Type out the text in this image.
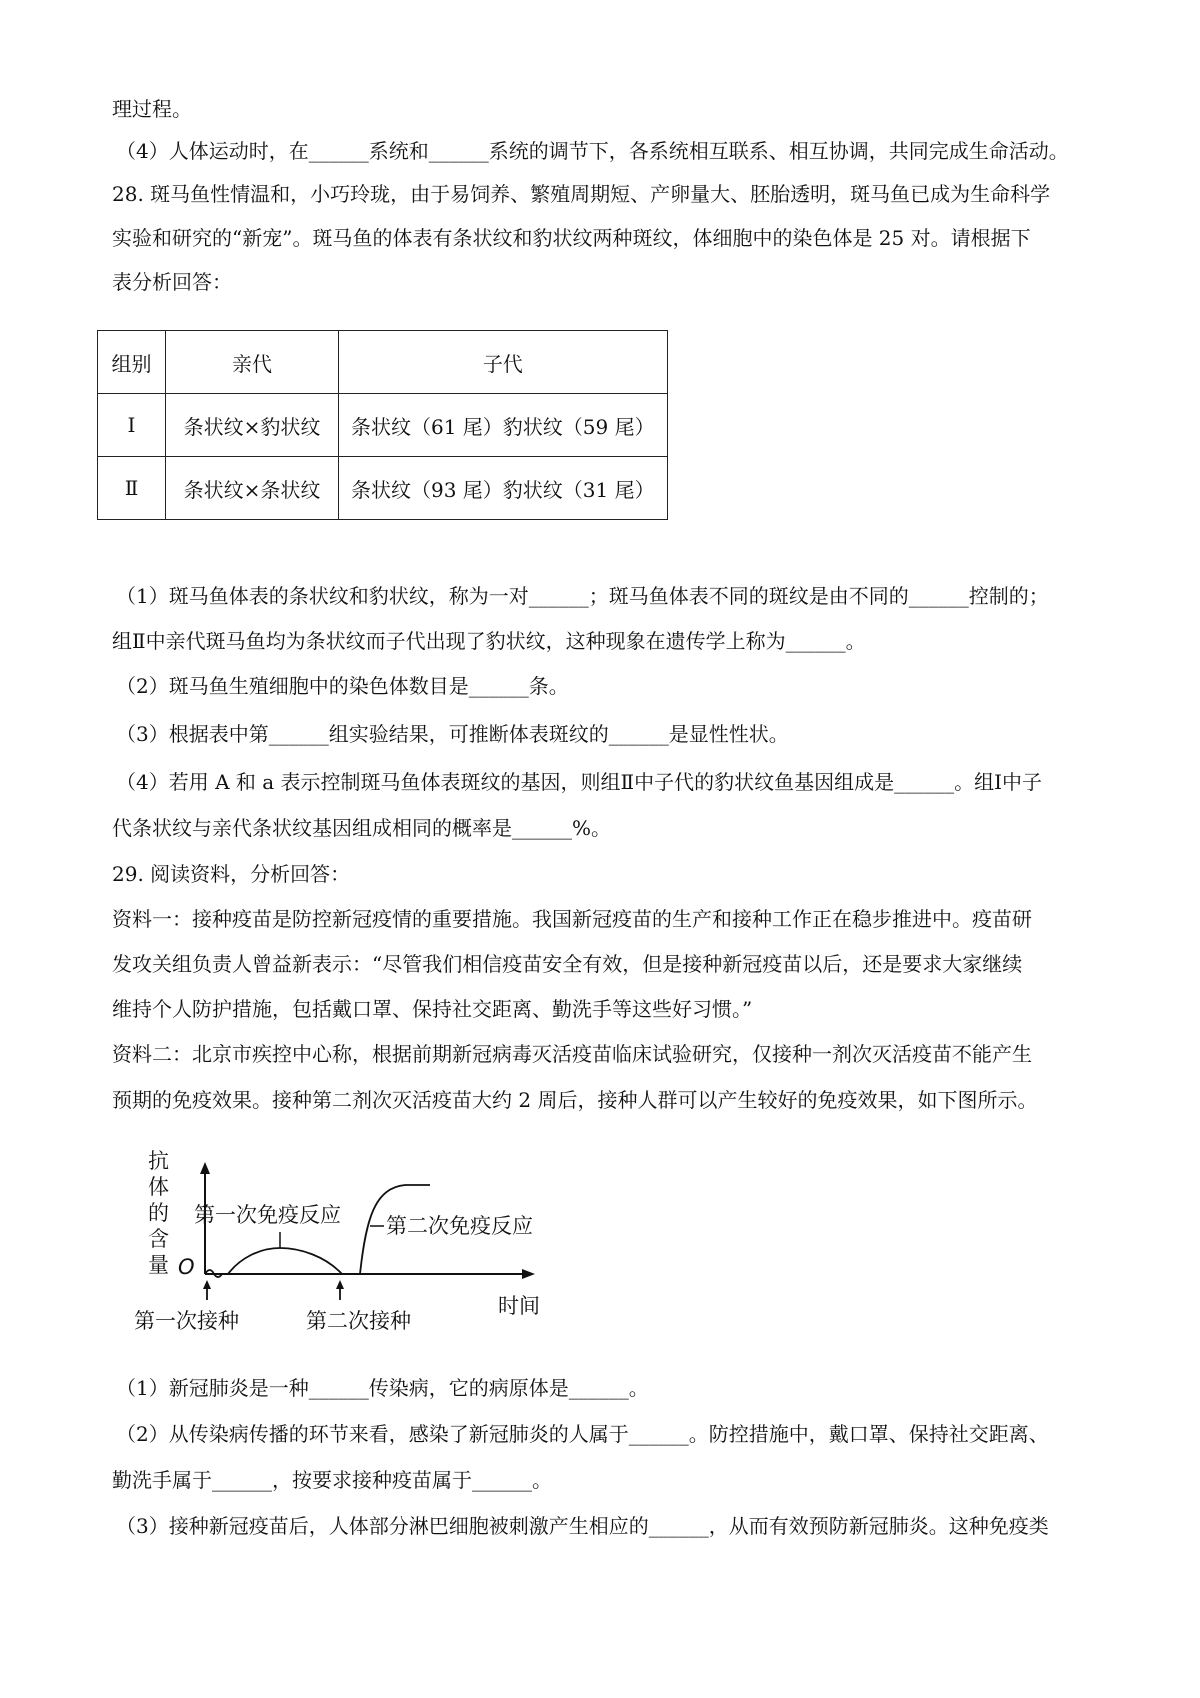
理过程。
（4）人体运动时，在______系统和______系统的调节下，各系统相互联系、相互协调，共同完成生命活动。
28. 斑马鱼性情温和，小巧玲珑，由于易饲养、繁殖周期短、产卵量大、胚胎透明，斑马鱼已成为生命科学
实验和研究的“新宠”。斑马鱼的体表有条状纹和豹状纹两种斑纹，体细胞中的染色体是 25 对。请根据下
表分析回答：
组别	亲代	子代
Ⅰ	条状纹×豹状纹	条状纹（61 尾）豹状纹（59 尾）
Ⅱ	条状纹×条状纹	条状纹（93 尾）豹状纹（31 尾）
（1）斑马鱼体表的条状纹和豹状纹，称为一对______；斑马鱼体表不同的斑纹是由不同的______控制的；
组Ⅱ中亲代斑马鱼均为条状纹而子代出现了豹状纹，这种现象在遗传学上称为______。
（2）斑马鱼生殖细胞中的染色体数目是______条。
（3）根据表中第______组实验结果，可推断体表斑纹的______是显性性状。
（4）若用 A 和 a 表示控制斑马鱼体表斑纹的基因，则组Ⅱ中子代的豹状纹鱼基因组成是______。组Ⅰ中子
代条状纹与亲代条状纹基因组成相同的概率是______%。
29. 阅读资料，分析回答：
资料一：接种疫苗是防控新冠疫情的重要措施。我国新冠疫苗的生产和接种工作正在稳步推进中。疫苗研
发攻关组负责人曾益新表示：“尽管我们相信疫苗安全有效，但是接种新冠疫苗以后，还是要求大家继续
维持个人防护措施，包括戴口罩、保持社交距离、勤洗手等这些好习惯。”
资料二：北京市疾控中心称，根据前期新冠病毒灭活疫苗临床试验研究，仅接种一剂次灭活疫苗不能产生
预期的免疫效果。接种第二剂次灭活疫苗大约 2 周后，接种人群可以产生较好的免疫效果，如下图所示。
抗
体
的
含
量 O
时间
第一次免疫反应 第二次免疫反应
第一次接种	第二次接种
（1）新冠肺炎是一种______传染病，它的病原体是______。
（2）从传染病传播的环节来看，感染了新冠肺炎的人属于______。防控措施中，戴口罩、保持社交距离、
勤洗手属于______，按要求接种疫苗属于______。
（3）接种新冠疫苗后，人体部分淋巴细胞被刺激产生相应的______，从而有效预防新冠肺炎。这种免疫类
